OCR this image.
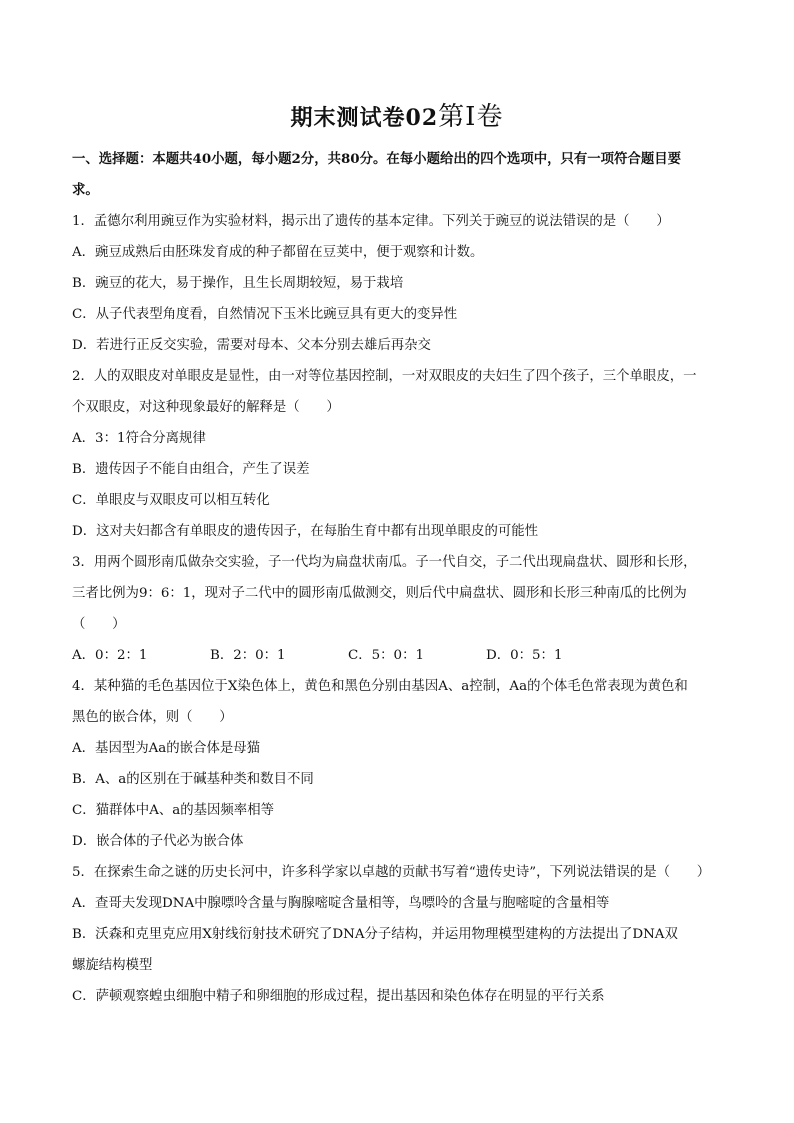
期末测试卷02第Ⅰ卷
一、选择题：本题共40小题，每小题2分，共80分。在每小题给出的四个选项中，只有一项符合题目要
求。
1．孟德尔利用豌豆作为实验材料，揭示出了遗传的基本定律。下列关于豌豆的说法错误的是（　　）
A．豌豆成熟后由胚珠发育成的种子都留在豆荚中，便于观察和计数。
B．豌豆的花大，易于操作，且生长周期较短，易于栽培
C．从子代表型角度看，自然情况下玉米比豌豆具有更大的变异性
D．若进行正反交实验，需要对母本、父本分别去雄后再杂交
2．人的双眼皮对单眼皮是显性，由一对等位基因控制，一对双眼皮的夫妇生了四个孩子，三个单眼皮，一
个双眼皮，对这种现象最好的解释是（　　）
A．3：1符合分离规律
B．遗传因子不能自由组合，产生了误差
C．单眼皮与双眼皮可以相互转化
D．这对夫妇都含有单眼皮的遗传因子，在每胎生育中都有出现单眼皮的可能性
3．用两个圆形南瓜做杂交实验，子一代均为扁盘状南瓜。子一代自交，子二代出现扁盘状、圆形和长形，
三者比例为9：6：1，现对子二代中的圆形南瓜做测交，则后代中扁盘状、圆形和长形三种南瓜的比例为
（　　）
A．0：2：1	B．2：0：1	C．5：0：1	D．0：5：1
4．某种猫的毛色基因位于X染色体上，黄色和黑色分别由基因A、a控制，Aa的个体毛色常表现为黄色和
黑色的嵌合体，则（　　）
A．基因型为Aa的嵌合体是母猫
B．A、a的区别在于碱基种类和数目不同
C．猫群体中A、a的基因频率相等
D．嵌合体的子代必为嵌合体
5．在探索生命之谜的历史长河中，许多科学家以卓越的贡献书写着“遗传史诗”，下列说法错误的是（　　）
A．查哥夫发现DNA中腺嘌呤含量与胸腺嘧啶含量相等，鸟嘌呤的含量与胞嘧啶的含量相等
B．沃森和克里克应用X射线衍射技术研究了DNA分子结构，并运用物理模型建构的方法提出了DNA双
螺旋结构模型
C．萨顿观察蝗虫细胞中精子和卵细胞的形成过程，提出基因和染色体存在明显的平行关系
